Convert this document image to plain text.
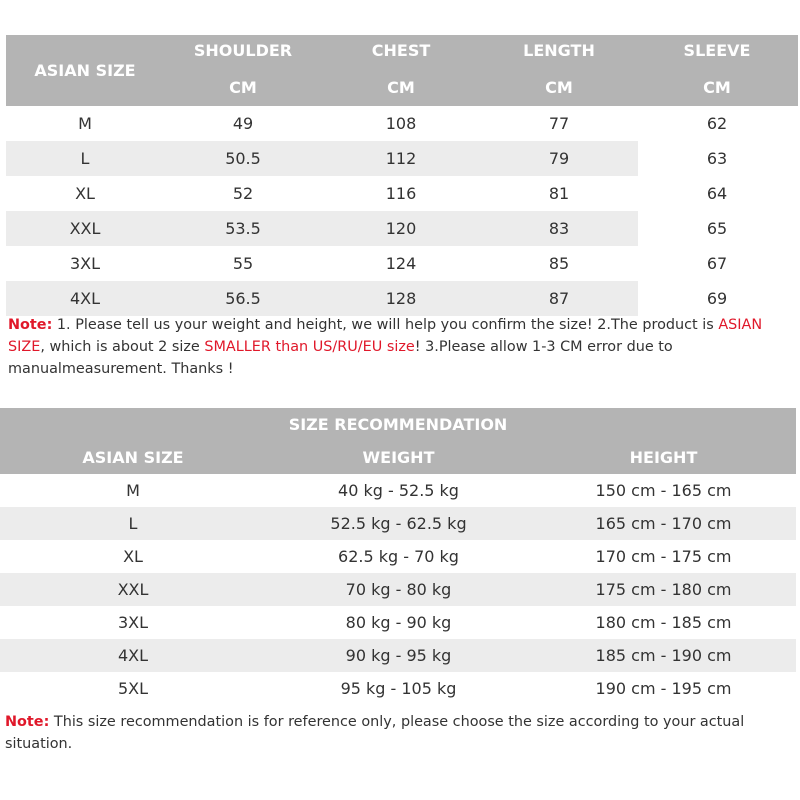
ASIAN SIZE
SHOULDER	CHEST	LENGTH	SLEEVE
CM	CM	CM	CM
M	49	108	77	62
L	50.5	112	79	63
XL	52	116	81	64
XXL	53.5	120	83	65
3XL	55	124	85	67
4XL	56.5	128	87	69
Note: 1. Please tell us your weight and height, we will help you confirm the size! 2.The product is ASIAN SIZE, which is about 2 size SMALLER than US/RU/EU size! 3.Please allow 1-3 CM error due to manualmeasurement. Thanks !
SIZE RECOMMENDATION
ASIAN SIZE	WEIGHT	HEIGHT
M	40 kg - 52.5 kg	150 cm - 165 cm
L	52.5 kg - 62.5 kg	165 cm - 170 cm
XL	62.5 kg - 70 kg	170 cm - 175 cm
XXL	70 kg - 80 kg	175 cm - 180 cm
3XL	80 kg - 90 kg	180 cm - 185 cm
4XL	90 kg - 95 kg	185 cm - 190 cm
5XL	95 kg - 105 kg	190 cm - 195 cm
Note: This size recommendation is for reference only, please choose the size according to your actual situation.
